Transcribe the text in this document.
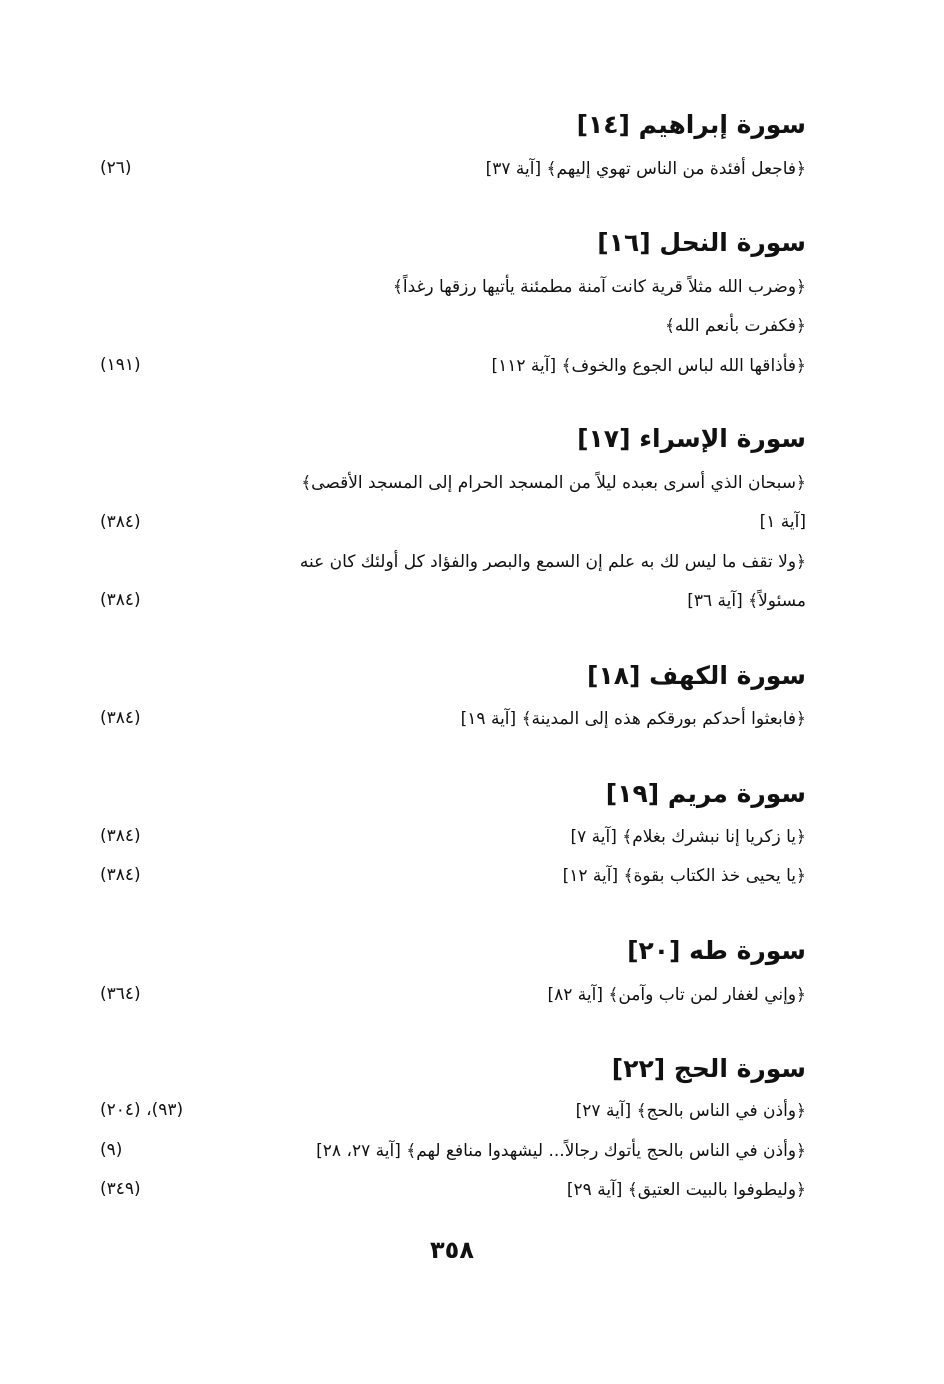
سورة إبراهيم [١٤]
﴿فاجعل أفئدة من الناس تهوي إليهم﴾ [آية ٣٧]
(٢٦)
سورة النحل [١٦]
﴿وضرب الله مثلاً قرية كانت آمنة مطمئنة يأتيها رزقها رغداً﴾
﴿فكفرت بأنعم الله﴾
﴿فأذاقها الله لباس الجوع والخوف﴾ [آية ١١٢]
(١٩١)
سورة الإسراء [١٧]
﴿سبحان الذي أسرى بعبده ليلاً من المسجد الحرام إلى المسجد الأقصى﴾
[آية ١]
(٣٨٤)
﴿ولا تقف ما ليس لك به علم إن السمع والبصر والفؤاد كل أولئك كان عنه
مسئولاً﴾ [آية ٣٦]
(٣٨٤)
سورة الكهف [١٨]
﴿فابعثوا أحدكم بورقكم هذه إلى المدينة﴾ [آية ١٩]
(٣٨٤)
سورة مريم [١٩]
﴿يا زكريا إنا نبشرك بغلام﴾ [آية ٧]
(٣٨٤)
﴿يا يحيى خذ الكتاب بقوة﴾ [آية ١٢]
(٣٨٤)
سورة طه [٢٠]
﴿وإني لغفار لمن تاب وآمن﴾ [آية ٨٢]
(٣٦٤)
سورة الحج [٢٢]
﴿وأذن في الناس بالحج﴾ [آية ٢٧]
(٩٣)، (٢٠٤)
﴿وأذن في الناس بالحج يأتوك رجالاً... ليشهدوا منافع لهم﴾ [آية ٢٧، ٢٨]
(٩)
﴿وليطوفوا بالبيت العتيق﴾ [آية ٢٩]
(٣٤٩)
٣٥٨
